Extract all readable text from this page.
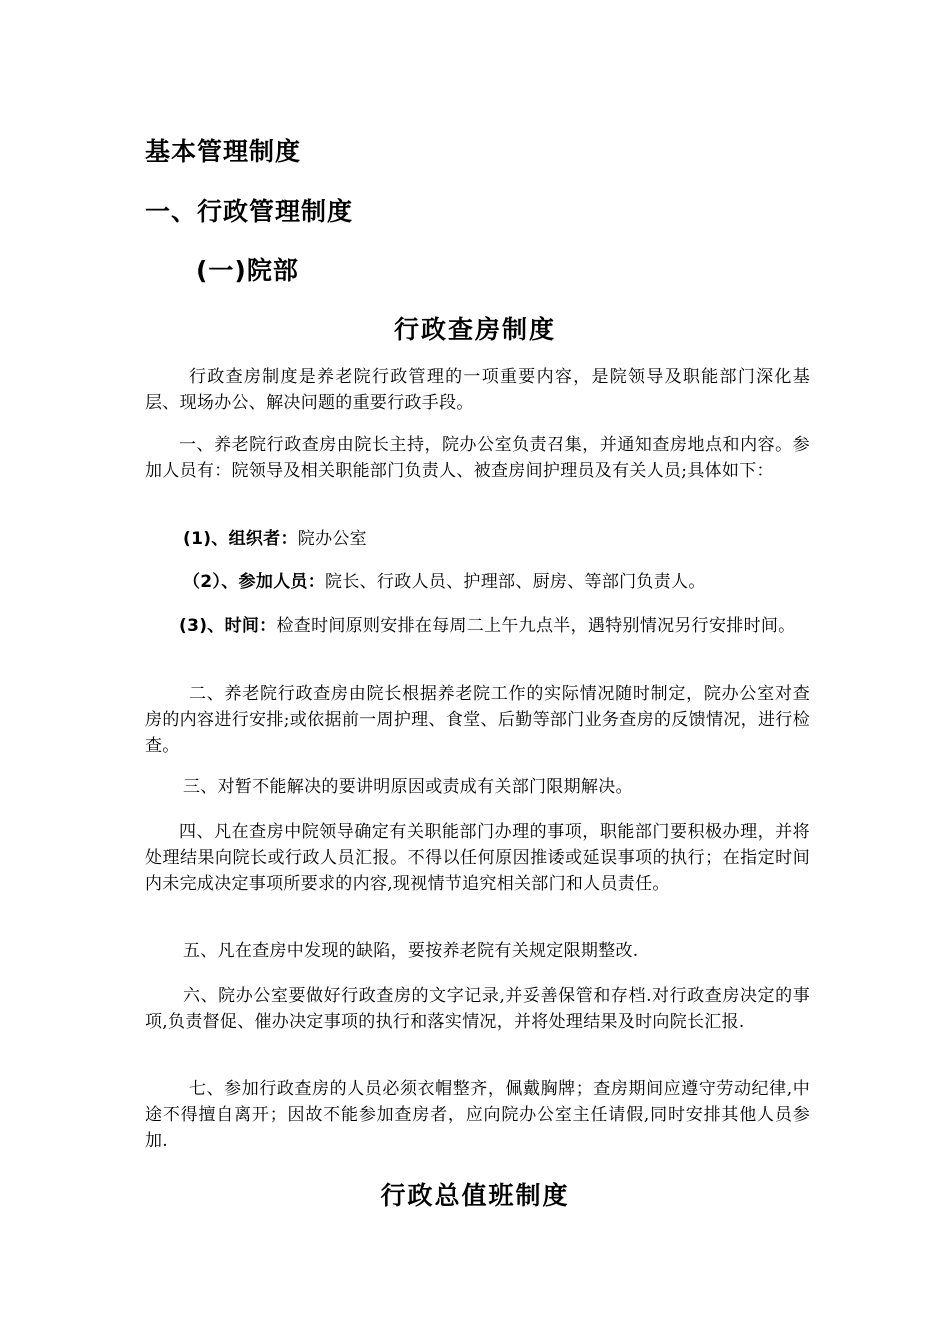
基本管理制度
一、行政管理制度
(一)院部
行政查房制度
行政查房制度是养老院行政管理的一项重要内容，是院领导及职能部门深化基层、现场办公、解决问题的重要行政手段。
一、养老院行政查房由院长主持，院办公室负责召集，并通知查房地点和内容。参加人员有：院领导及相关职能部门负责人、被查房间护理员及有关人员;具体如下：
(1)、组织者：院办公室
（2）、参加人员：院长、行政人员、护理部、厨房、等部门负责人。
(3)、时间：检查时间原则安排在每周二上午九点半，遇特别情况另行安排时间。
二、养老院行政查房由院长根据养老院工作的实际情况随时制定，院办公室对查房的内容进行安排;或依据前一周护理、食堂、后勤等部门业务查房的反馈情况，进行检查。
三、对暂不能解决的要讲明原因或责成有关部门限期解决。
四、凡在查房中院领导确定有关职能部门办理的事项，职能部门要积极办理，并将处理结果向院长或行政人员汇报。不得以任何原因推诿或延误事项的执行；在指定时间内未完成决定事项所要求的内容,现视情节追究相关部门和人员责任。
五、凡在查房中发现的缺陷，要按养老院有关规定限期整改.
六、院办公室要做好行政查房的文字记录,并妥善保管和存档.对行政查房决定的事项,负责督促、催办决定事项的执行和落实情况，并将处理结果及时向院长汇报.
七、参加行政查房的人员必须衣帽整齐，佩戴胸牌；查房期间应遵守劳动纪律,中途不得擅自离开；因故不能参加查房者，应向院办公室主任请假,同时安排其他人员参加.
行政总值班制度
